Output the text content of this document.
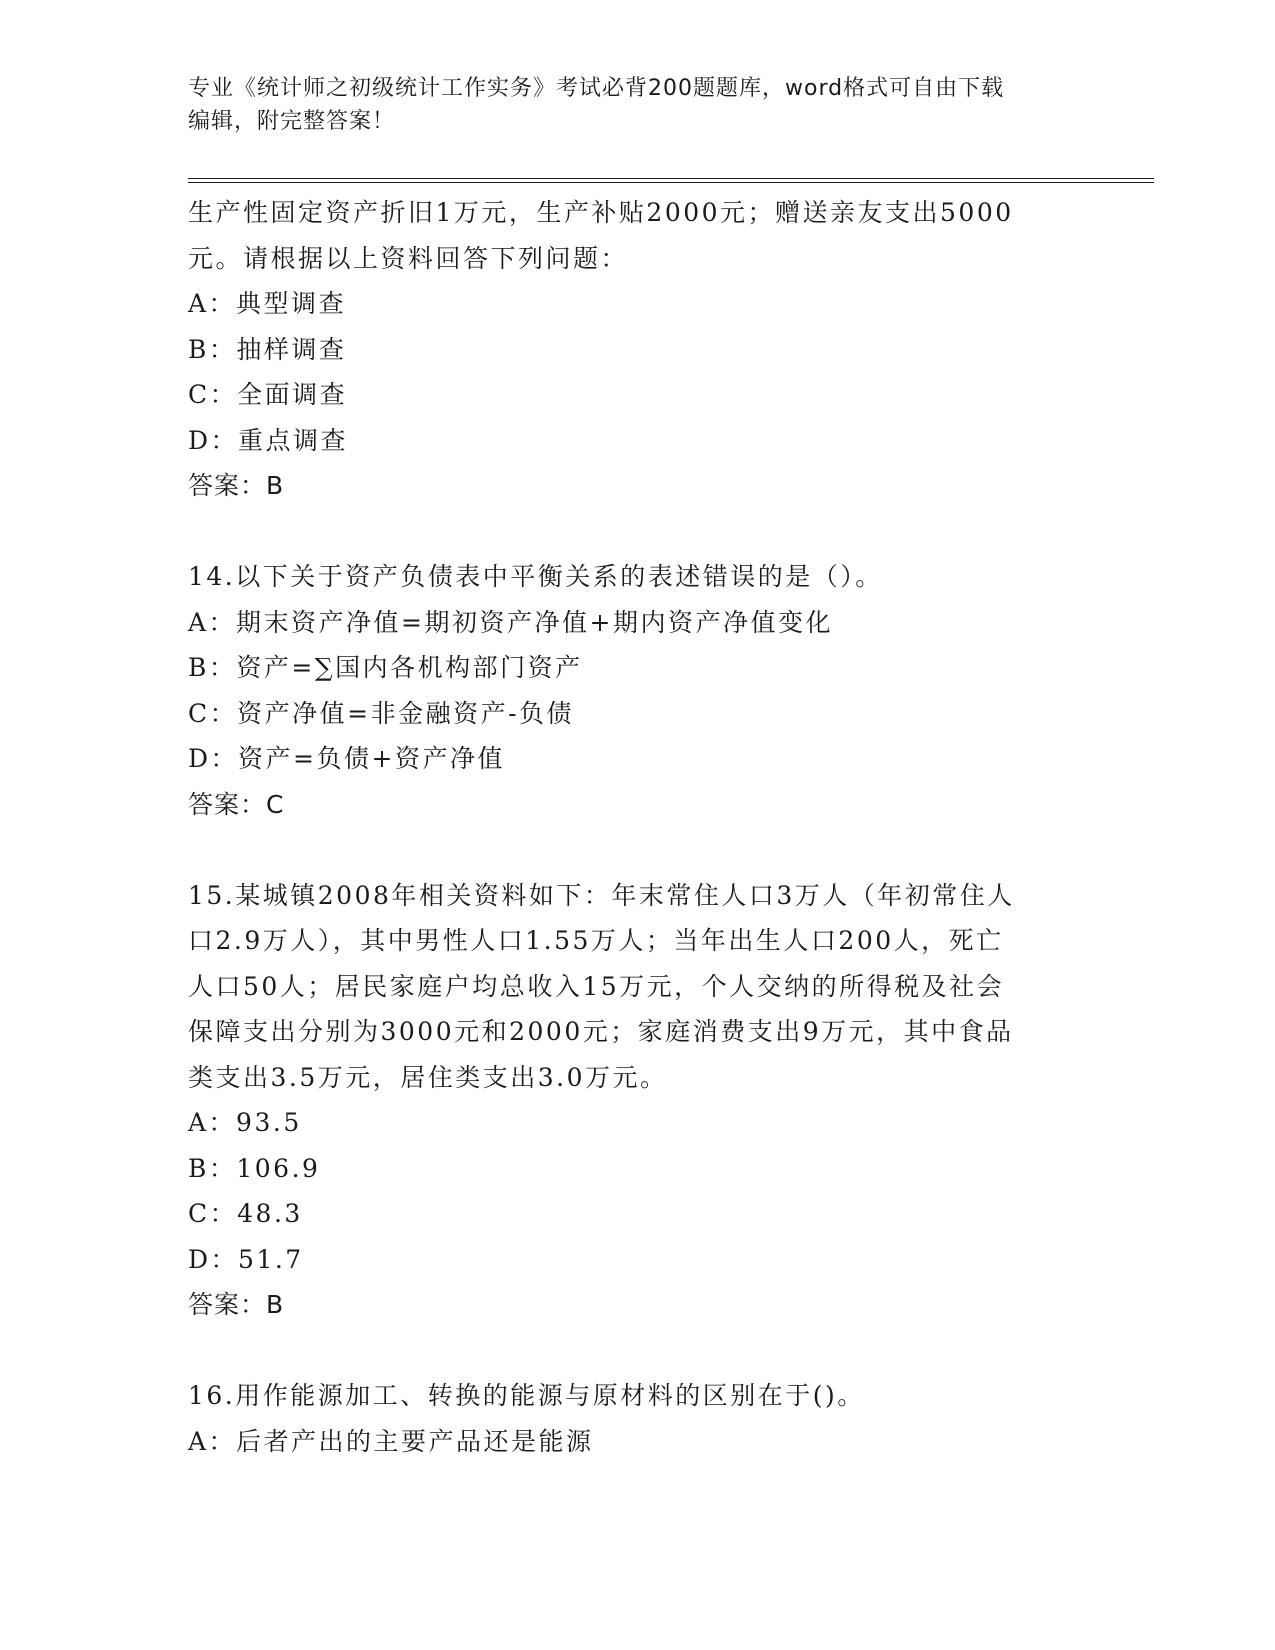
专业《统计师之初级统计工作实务》考试必背200题题库，word格式可自由下载
编辑，附完整答案！
生产性固定资产折旧1万元，生产补贴2000元；赠送亲友支出5000
元。请根据以上资料回答下列问题：
A：典型调查
B：抽样调查
C：全面调查
D：重点调查
答案：B
14.以下关于资产负债表中平衡关系的表述错误的是（）。
A：期末资产净值=期初资产净值+期内资产净值变化
B：资产=∑国内各机构部门资产
C：资产净值=非金融资产-负债
D：资产=负债+资产净值
答案：C
15.某城镇2008年相关资料如下：年末常住人口3万人（年初常住人
口2.9万人），其中男性人口1.55万人；当年出生人口200人，死亡
人口50人；居民家庭户均总收入15万元，个人交纳的所得税及社会
保障支出分别为3000元和2000元；家庭消费支出9万元，其中食品
类支出3.5万元，居住类支出3.0万元。
A：93.5
B：106.9
C：48.3
D：51.7
答案：B
16.用作能源加工、转换的能源与原材料的区别在于()。
A：后者产出的主要产品还是能源
